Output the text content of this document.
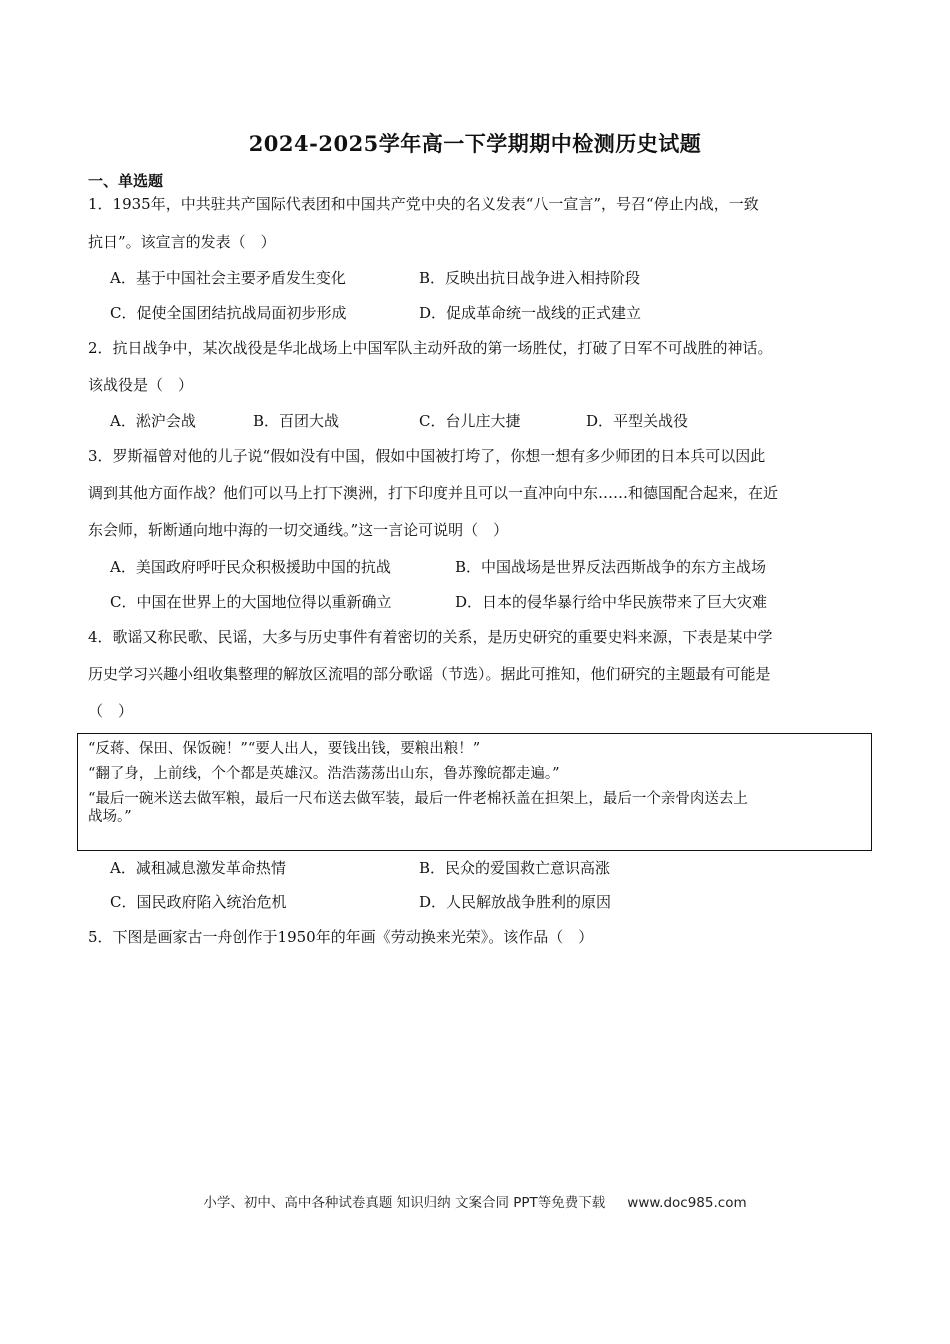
2024-2025学年高一下学期期中检测历史试题
一、单选题
1．1935年，中共驻共产国际代表团和中国共产党中央的名义发表“八一宣言”，号召“停止内战，一致
抗日”。该宣言的发表（　）
A．基于中国社会主要矛盾发生变化	B．反映出抗日战争进入相持阶段
C．促使全国团结抗战局面初步形成	D．促成革命统一战线的正式建立
2．抗日战争中，某次战役是华北战场上中国军队主动歼敌的第一场胜仗，打破了日军不可战胜的神话。
该战役是（　）
A．淞沪会战	B．百团大战	C．台儿庄大捷	D．平型关战役
3．罗斯福曾对他的儿子说“假如没有中国，假如中国被打垮了，你想一想有多少师团的日本兵可以因此
调到其他方面作战？他们可以马上打下澳洲，打下印度并且可以一直冲向中东……和德国配合起来，在近
东会师，斩断通向地中海的一切交通线。”这一言论可说明（　）
A．美国政府呼吁民众积极援助中国的抗战	B．中国战场是世界反法西斯战争的东方主战场
C．中国在世界上的大国地位得以重新确立	D．日本的侵华暴行给中华民族带来了巨大灾难
4．歌谣又称民歌、民谣，大多与历史事件有着密切的关系，是历史研究的重要史料来源，下表是某中学
历史学习兴趣小组收集整理的解放区流唱的部分歌谣（节选）。据此可推知，他们研究的主题最有可能是
（　）

“反蒋、保田、保饭碗！”“要人出人，要钱出钱，要粮出粮！”

“翻了身，上前线，个个都是英雄汉。浩浩荡荡出山东，鲁苏豫皖都走遍。”

“最后一碗米送去做军粮，最后一尺布送去做军装，最后一件老棉袄盖在担架上，最后一个亲骨肉送去上

战场。”

A．减租减息激发革命热情	B．民众的爱国救亡意识高涨
C．国民政府陷入统治危机	D．人民解放战争胜利的原因
5．下图是画家古一舟创作于1950年的年画《劳动换来光荣》。该作品（　）
小学、初中、高中各种试卷真题 知识归纳 文案合同 PPT等免费下载 www.doc985.com
